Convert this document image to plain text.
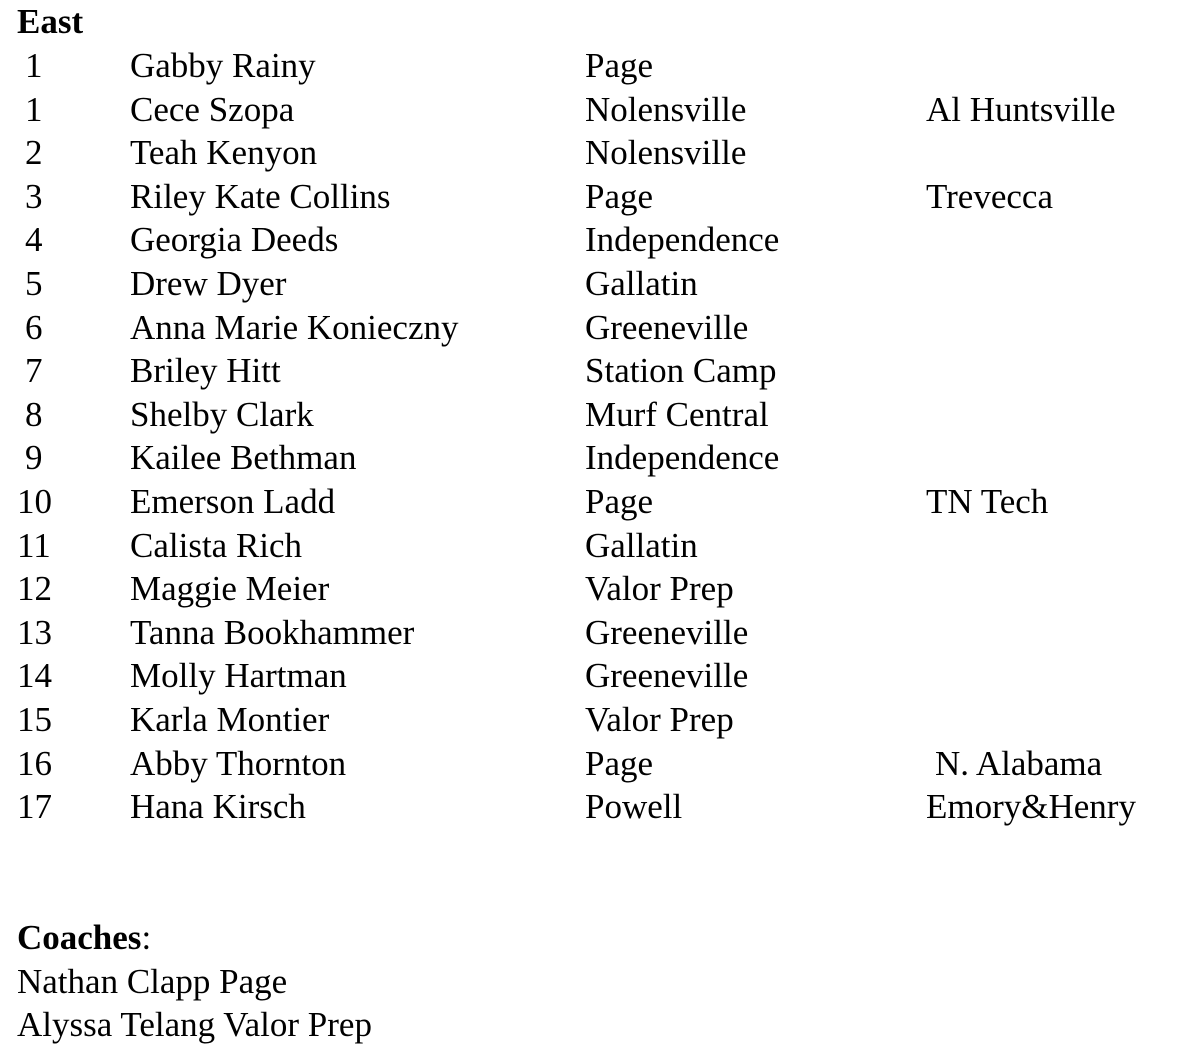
East
1	Gabby Rainy	Page
1	Cece Szopa	Nolensville	Al Huntsville
2	Teah Kenyon	Nolensville
3	Riley Kate Collins	Page	Trevecca
4	Georgia Deeds	Independence
5	Drew Dyer	Gallatin
6	Anna Marie Konieczny	Greeneville
7	Briley Hitt	Station Camp
8	Shelby Clark	Murf Central
9	Kailee Bethman	Independence
10 Emerson Ladd	Page	TN Tech
11 Calista Rich	Gallatin
12 Maggie Meier	Valor Prep
13 Tanna Bookhammer	Greeneville
14 Molly Hartman	Greeneville
15 Karla Montier	Valor Prep
16 Abby Thornton	Page	N. Alabama
17 Hana Kirsch	Powell	Emory&Henry
Coaches:
Nathan Clapp Page
Alyssa Telang Valor Prep
